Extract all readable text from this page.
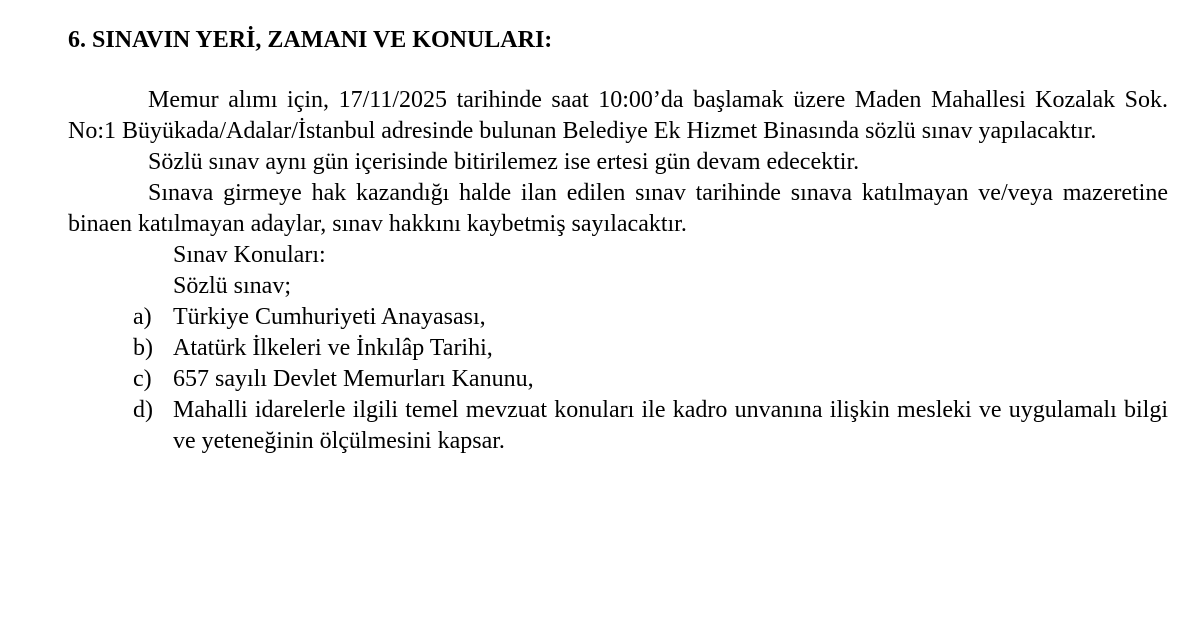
6. SINAVIN YERİ, ZAMANI VE KONULARI:

Memur alımı için, 17/11/2025 tarihinde saat 10:00’da başlamak üzere Maden Mahallesi Kozalak Sok. No:1 Büyükada/Adalar/İstanbul adresinde bulunan Belediye Ek Hizmet Binasında sözlü sınav yapılacaktır.

Sözlü sınav aynı gün içerisinde bitirilemez ise ertesi gün devam edecektir.

Sınava girmeye hak kazandığı halde ilan edilen sınav tarihinde sınava katılmayan ve/veya mazeretine binaen katılmayan adaylar, sınav hakkını kaybetmiş sayılacaktır.

Sınav Konuları:

Sözlü sınav;

a) Türkiye Cumhuriyeti Anayasası,
b) Atatürk İlkeleri ve İnkılâp Tarihi,
c) 657 sayılı Devlet Memurları Kanunu,
d) Mahalli idarelerle ilgili temel mevzuat konuları ile kadro unvanına ilişkin mesleki ve uygulamalı bilgi ve yeteneğinin ölçülmesini kapsar.
